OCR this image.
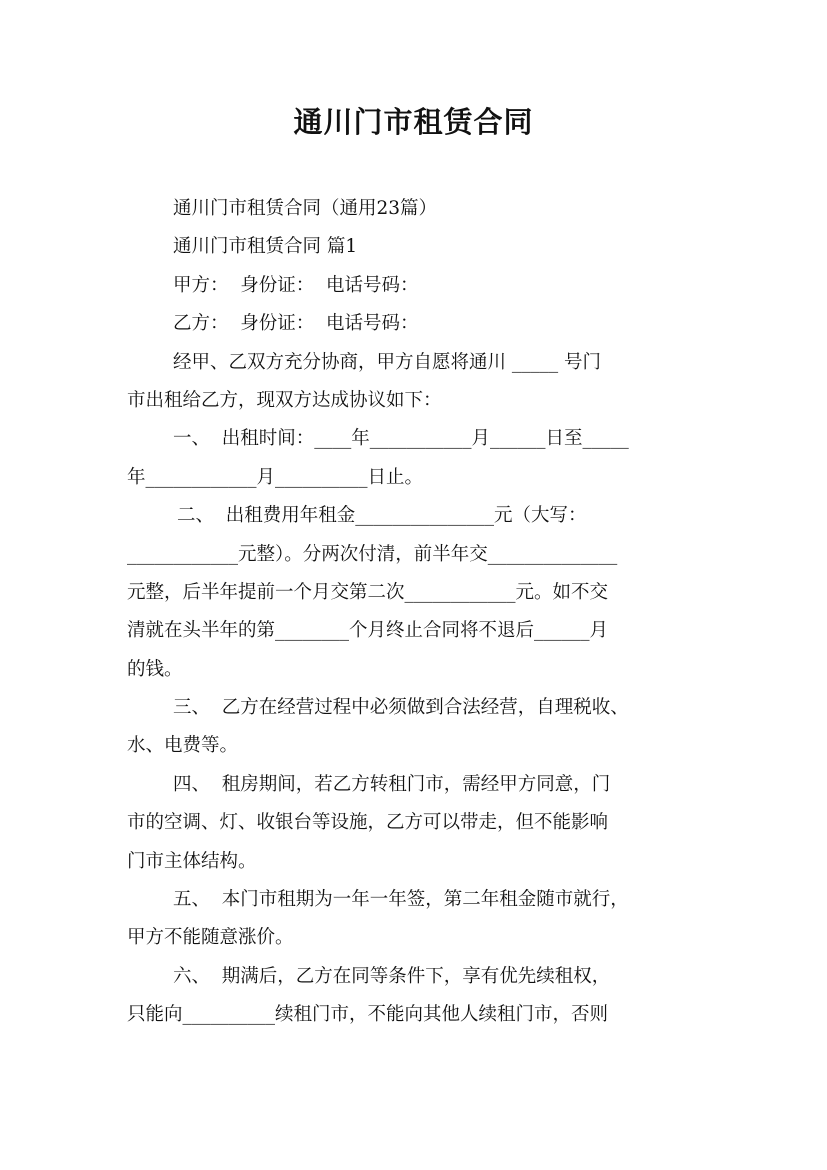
通川门市租赁合同
通川门市租赁合同（通用23篇）
通川门市租赁合同 篇1
甲方：  身份证：  电话号码：
乙方：  身份证：  电话号码：
经甲、乙双方充分协商，甲方自愿将通川 _____ 号门
市出租给乙方，现双方达成协议如下：
一、  出租时间：____年___________月______日至_____
年____________月__________日止。
二、  出租费用年租金_______________元（大写：
____________元整）。分两次付清，前半年交______________
元整，后半年提前一个月交第二次____________元。如不交
清就在头半年的第________个月终止合同将不退后______月
的钱。
三、  乙方在经营过程中必须做到合法经营，自理税收、
水、电费等。
四、  租房期间，若乙方转租门市，需经甲方同意，门
市的空调、灯、收银台等设施，乙方可以带走，但不能影响
门市主体结构。
五、  本门市租期为一年一年签，第二年租金随市就行，
甲方不能随意涨价。
六、  期满后，乙方在同等条件下，享有优先续租权，
只能向__________续租门市，不能向其他人续租门市，否则
